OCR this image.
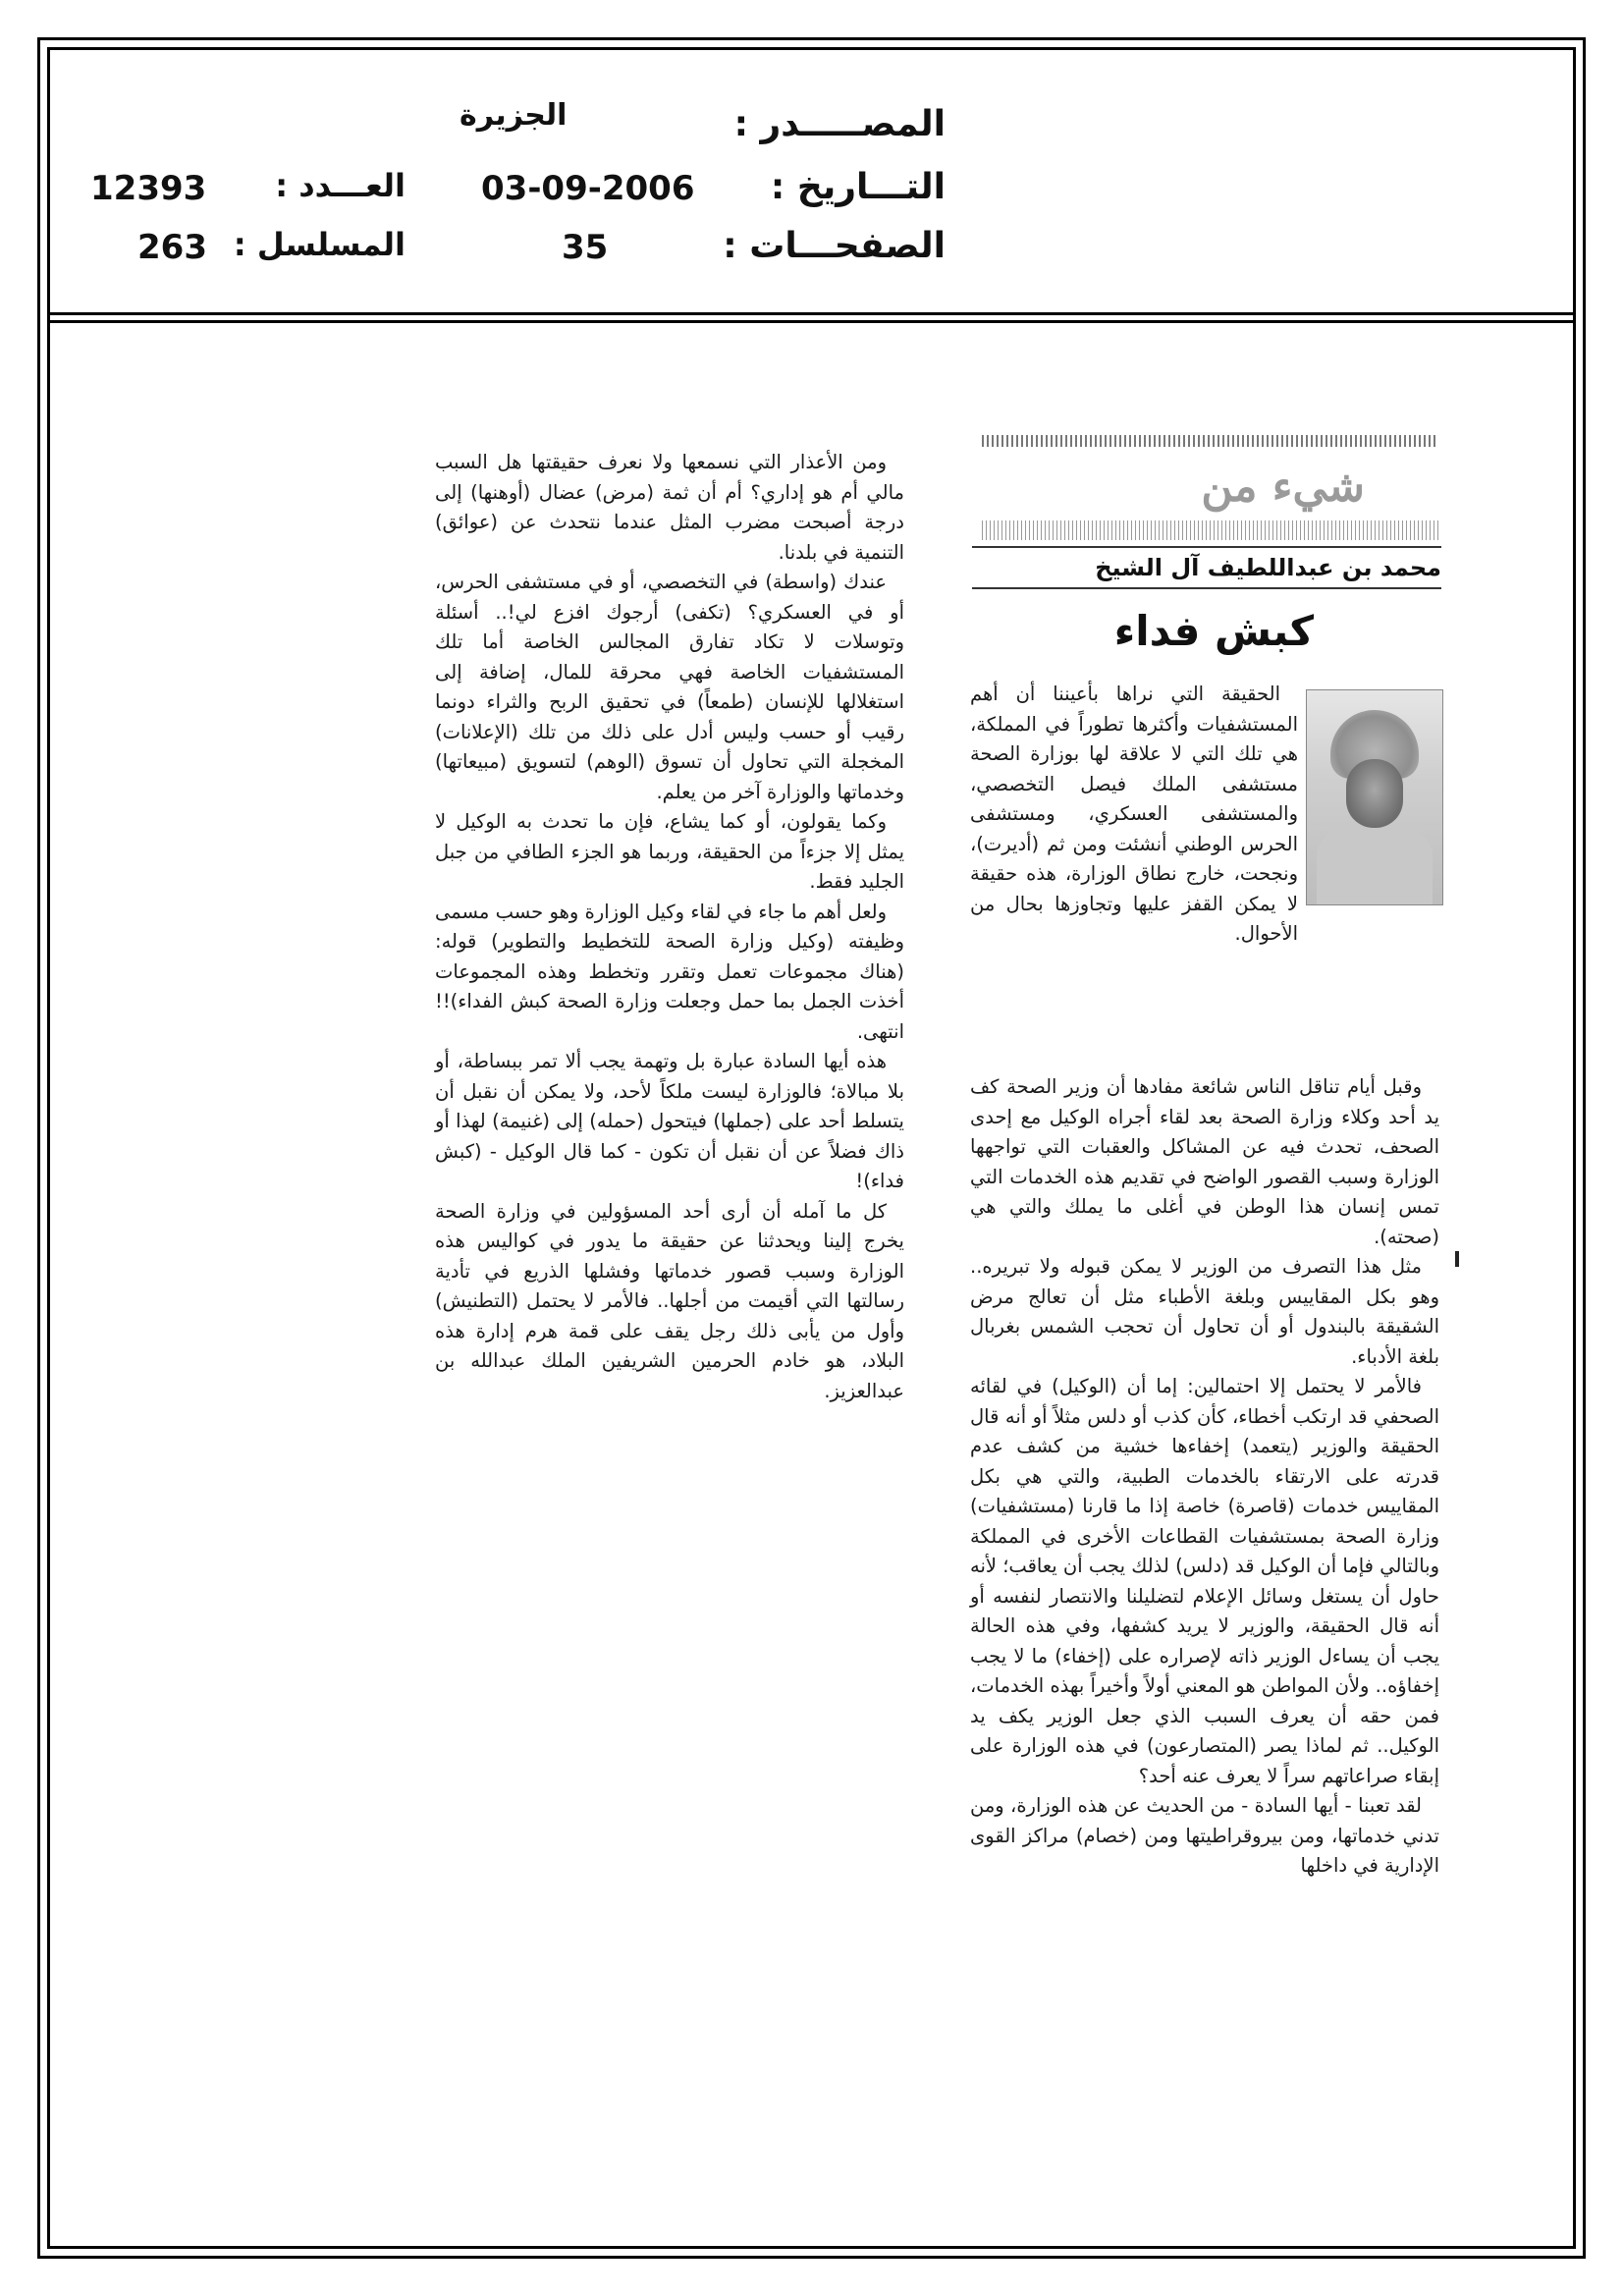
المصـــــدر :
التـــاريخ :
الصفحـــات :
الجزيرة
03-09-2006
35
العـــدد :
المسلسل :
12393
263
شيء من
محمد بن عبداللطيف آل الشيخ
كبش فداء

الحقيقة التي نراها بأعيننا أن أهم المستشفيات وأكثرها تطوراً في المملكة، هي تلك التي لا علاقة لها بوزارة الصحة مستشفى الملك فيصل التخصصي، والمستشفى العسكري، ومستشفى الحرس الوطني أنشئت ومن ثم (أديرت)، ونجحت، خارج نطاق الوزارة، هذه حقيقة لا يمكن القفز عليها وتجاوزها بحال من الأحوال.

وقبل أيام تناقل الناس شائعة مفادها أن وزير الصحة كف يد أحد وكلاء وزارة الصحة بعد لقاء أجراه الوكيل مع إحدى الصحف، تحدث فيه عن المشاكل والعقبات التي تواجهها الوزارة وسبب القصور الواضح في تقديم هذه الخدمات التي تمس إنسان هذا الوطن في أغلى ما يملك والتي هي (صحته).

مثل هذا التصرف من الوزير لا يمكن قبوله ولا تبريره.. وهو بكل المقاييس وبلغة الأطباء مثل أن تعالج مرض الشقيقة بالبندول أو أن تحاول أن تحجب الشمس بغربال بلغة الأدباء.

فالأمر لا يحتمل إلا احتمالين: إما أن (الوكيل) في لقائه الصحفي قد ارتكب أخطاء، كأن كذب أو دلس مثلاً أو أنه قال الحقيقة والوزير (يتعمد) إخفاءها خشية من كشف عدم قدرته على الارتقاء بالخدمات الطبية، والتي هي بكل المقاييس خدمات (قاصرة) خاصة إذا ما قارنا (مستشفيات) وزارة الصحة بمستشفيات القطاعات الأخرى في المملكة وبالتالي فإما أن الوكيل قد (دلس) لذلك يجب أن يعاقب؛ لأنه حاول أن يستغل وسائل الإعلام لتضليلنا والانتصار لنفسه أو أنه قال الحقيقة، والوزير لا يريد كشفها، وفي هذه الحالة يجب أن يساءل الوزير ذاته لإصراره على (إخفاء) ما لا يجب إخفاؤه.. ولأن المواطن هو المعني أولاً وأخيراً بهذه الخدمات، فمن حقه أن يعرف السبب الذي جعل الوزير يكف يد الوكيل.. ثم لماذا يصر (المتصارعون) في هذه الوزارة على إبقاء صراعاتهم سراً لا يعرف عنه أحد؟

لقد تعبنا - أيها السادة - من الحديث عن هذه الوزارة، ومن تدني خدماتها، ومن بيروقراطيتها ومن (خصام) مراكز القوى الإدارية في داخلها

ومن الأعذار التي نسمعها ولا نعرف حقيقتها هل السبب مالي أم هو إداري؟ أم أن ثمة (مرض) عضال (أوهنها) إلى درجة أصبحت مضرب المثل عندما نتحدث عن (عوائق) التنمية في بلدنا.

عندك (واسطة) في التخصصي، أو في مستشفى الحرس، أو في العسكري؟ (تكفى) أرجوك افزع لي!.. أسئلة وتوسلات لا تكاد تفارق المجالس الخاصة أما تلك المستشفيات الخاصة فهي محرقة للمال، إضافة إلى استغلالها للإنسان (طمعاً) في تحقيق الربح والثراء دونما رقيب أو حسب وليس أدل على ذلك من تلك (الإعلانات) المخجلة التي تحاول أن تسوق (الوهم) لتسويق (مبيعاتها) وخدماتها والوزارة آخر من يعلم.

وكما يقولون، أو كما يشاع، فإن ما تحدث به الوكيل لا يمثل إلا جزءاً من الحقيقة، وربما هو الجزء الطافي من جبل الجليد فقط.

ولعل أهم ما جاء في لقاء وكيل الوزارة وهو حسب مسمى وظيفته (وكيل وزارة الصحة للتخطيط والتطوير) قوله: (هناك مجموعات تعمل وتقرر وتخطط وهذه المجموعات أخذت الجمل بما حمل وجعلت وزارة الصحة كبش الفداء)!! انتهى.

هذه أيها السادة عبارة بل وتهمة يجب ألا تمر ببساطة، أو بلا مبالاة؛ فالوزارة ليست ملكاً لأحد، ولا يمكن أن نقبل أن يتسلط أحد على (جملها) فيتحول (حمله) إلى (غنيمة) لهذا أو ذاك فضلاً عن أن نقبل أن تكون - كما قال الوكيل - (كبش فداء)!

كل ما آمله أن أرى أحد المسؤولين في وزارة الصحة يخرج إلينا ويحدثنا عن حقيقة ما يدور في كواليس هذه الوزارة وسبب قصور خدماتها وفشلها الذريع في تأدية رسالتها التي أقيمت من أجلها.. فالأمر لا يحتمل (التطنيش) وأول من يأبى ذلك رجل يقف على قمة هرم إدارة هذه البلاد، هو خادم الحرمين الشريفين الملك عبدالله بن عبدالعزيز.
